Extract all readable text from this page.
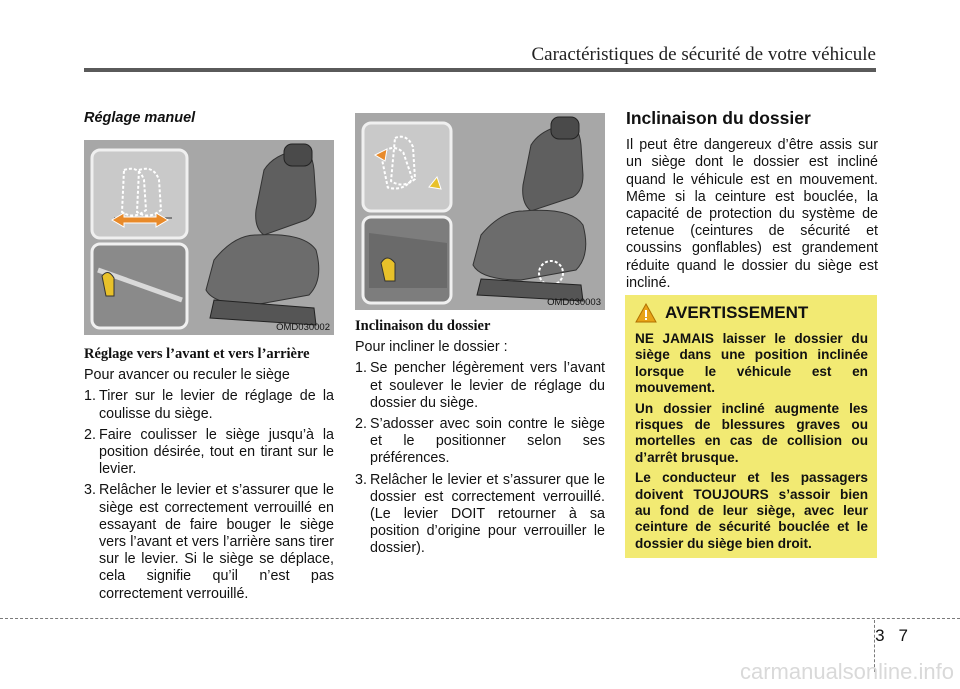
Caractéristiques de sécurité de votre véhicule
Réglage manuel
OMD030002
Réglage vers l’avant et vers l’arrière

Pour avancer ou reculer le siège

1. Tirer sur le levier de réglage de la coulisse du siège.
2. Faire coulisser le siège jusqu’à la position désirée, tout en tirant sur le levier.
3. Relâcher le levier et s’assurer que le siège est correctement verrouillé en essayant de faire bouger le siège vers l’avant et vers l’arrière sans tirer sur le levier. Si le siège se déplace, cela signifie qu’il n’est pas correctement verrouillé.
OMD030003
Inclinaison du dossier

Pour incliner le dossier :

1. Se pencher légèrement vers l’avant et soulever le levier de réglage du dossier du siège.
2. S’adosser avec soin contre le siège et le positionner selon ses préférences.
3. Relâcher le levier et s’assurer que le dossier est correctement verrouillé. (Le levier DOIT retourner à sa position d’origine pour verrouiller le dossier).
Inclinaison du dossier

Il peut être dangereux d’être assis sur un siège dont le dossier est incliné quand le véhicule est en mouvement. Même si la ceinture est bouclée, la capacité de protection du système de retenue (ceintures de sécurité et coussins gonflables) est grandement réduite quand le dossier du siège est incliné.

AVERTISSEMENT

NE JAMAIS laisser le dossier du siège dans une position inclinée lorsque le véhicule est en mouvement.

Un dossier incliné augmente les risques de blessures graves ou mortelles en cas de collision ou d’arrêt brusque.

Le conducteur et les passagers doivent TOUJOURS s’assoir bien au fond de leur siège, avec leur ceinture de sécurité bouclée et le dossier du siège bien droit.

3 7
carmanualsonline.info
